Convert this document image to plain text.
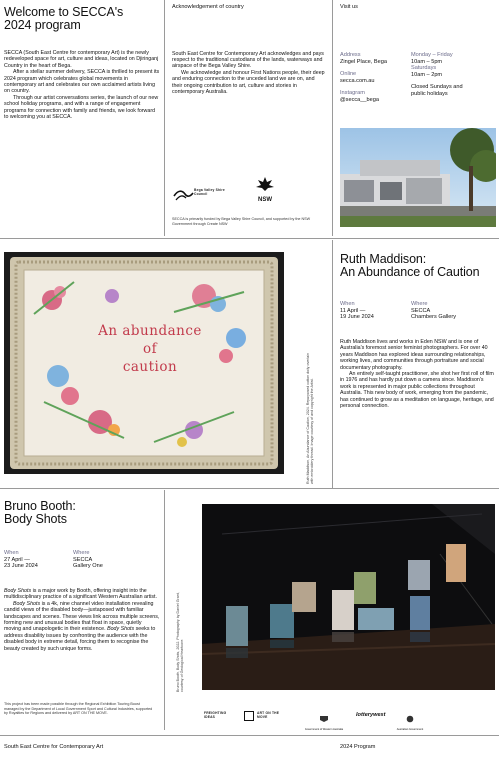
Welcome to SECCA's
2024 program

SECCA (South East Centre for contemporary Art) is the newly redeveloped space for art, culture and ideas, located on Djiringanj Country in the heart of Bega.

After a stellar summer delivery, SECCA is thrilled to present its 2024 program which celebrates global movements in contemporary art and celebrates our own acclaimed artists living on country.

Through our artist conversations series, the launch of our new school holiday programs, and with a range of engagement programs for connection with family and friends, we look forward to welcoming you at SECCA.

Acknowledgement of country

South East Centre for Contemporary Art acknowledges and pays respect to the traditional custodians of the lands, waterways and airspace of the Bega Valley Shire.

We acknowledge and honour First Nations people, their deep and enduring connection to the unceded land we are on, and their ongoing contribution to art, culture and stories in contemporary Australia.

Bega Valley Shire Council
NSW
SECCA is primarily funded by Bega Valley Shire Council, and supported by the NSW Government through Create NSW
Visit us
Address
Zingel Place, Bega
Online
secca.com.au
Instagram
@secca__bega
Monday – Friday
10am – 5pm
Saturdays
10am – 2pm
Closed Sundays and
public holidays
An abundance
of
caution	Ruth Maddison, An Abundance of Caution, 2024. Repurposed cotton doily overlain with embroidery thread. Image courtesy of and copyright the Artist.
Ruth Maddison:
An Abundance of Caution
When
11 April —
19 June 2024
Where
SECCA
Chambers Gallery

Ruth Maddison lives and works in Eden NSW and is one of Australia's foremost senior feminist photographers. For over 40 years Maddison has explored ideas surrounding relationships, working lives, and communities through portraiture and social documentary photography.

An entirely self-taught practitioner, she shot her first roll of film in 1976 and has hardly put down a camera since. Maddison's work is represented in major public collections throughout Australia. This new body of work, emerging from the pandemic, has continued to grow as a meditation on language, heritage, and personal connection.

Bruno Booth:
Body Shots
When
27 April —
23 June 2024
Where
SECCA
Gallery One

Body Shots is a major work by Booth, offering insight into the multidisciplinary practice of a significant Western Australian artist.

Body Shots is a 4k, nine channel video installation revealing candid views of the disabled body—juxtaposed with familiar landscapes and scenes. These views link across multiple screens, forming new and unusual bodies that float in space, quietly moving and unapologetic in their existence. Body Shots seeks to address disability issues by confronting the audience with the disabled body in extreme detail, forcing them to recognise the beauty created by such unique forms.

This project has been made possible through the Regional Exhibition Touring Boost managed by the Department of Local Government Sport and Cultural Industries, supported by Royalties for Regions and delivered by ART ON THE MOVE.
Bruno Booth, Body Shots, 2022. Photography by Daniel Grant, courtesy of Geological Heartcore.
FREIGHTING IDEAS
ART ON THE MOVE
Government of Western Australia
lotterywest
Australian Government
South East Centre for Contemporary Art	2024 Program
